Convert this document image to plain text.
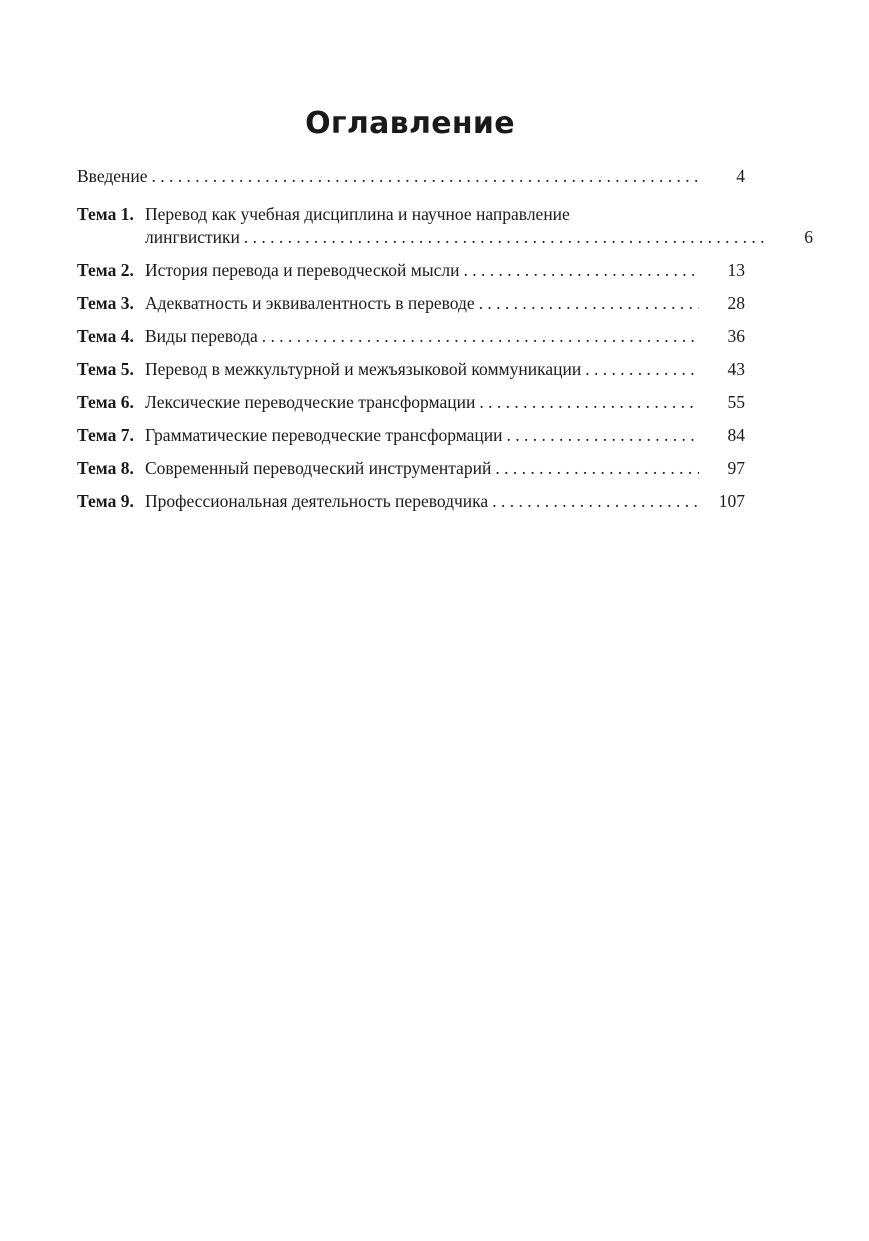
Оглавление
Введение . . .	4
Тема 1. Перевод как учебная дисциплина и научное направление
лингвистики . . .	6
Тема 2. История перевода и переводческой мысли . . .	13
Тема 3. Адекватность и эквивалентность в переводе . . .	28
Тема 4. Виды перевода . . .	36
Тема 5. Перевод в межкультурной и межъязыковой коммуникации . . .	43
Тема 6. Лексические переводческие трансформации . . .	55
Тема 7. Грамматические переводческие трансформации . . .	84
Тема 8. Современный переводческий инструментарий . . .	97
Тема 9. Профессиональная деятельность переводчика . . .	107
